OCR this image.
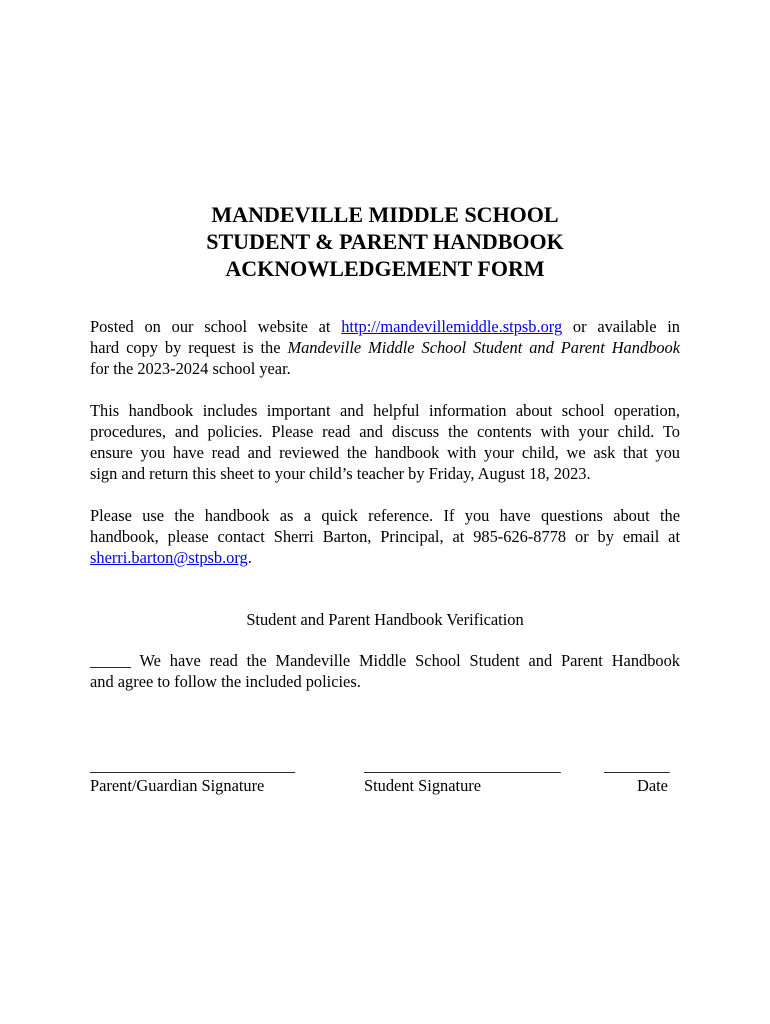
MANDEVILLE MIDDLE SCHOOL
STUDENT & PARENT HANDBOOK
ACKNOWLEDGEMENT FORM
Posted on our school website at http://mandevillemiddle.stpsb.org or available in
hard copy by request is the Mandeville Middle School Student and Parent Handbook
for the 2023-2024 school year.
This handbook includes important and helpful information about school operation,
procedures, and policies. Please read and discuss the contents with your child. To
ensure you have read and reviewed the handbook with your child, we ask that you
sign and return this sheet to your child’s teacher by Friday, August 18, 2023.
Please use the handbook as a quick reference. If you have questions about the
handbook, please contact Sherri Barton, Principal, at 985-626-8778 or by email at
sherri.barton@stpsb.org.
Student and Parent Handbook Verification
_____ We have read the Mandeville Middle School Student and Parent Handbook
and agree to follow the included policies.
_________________________
Parent/Guardian Signature
________________________
Student Signature
________
Date
